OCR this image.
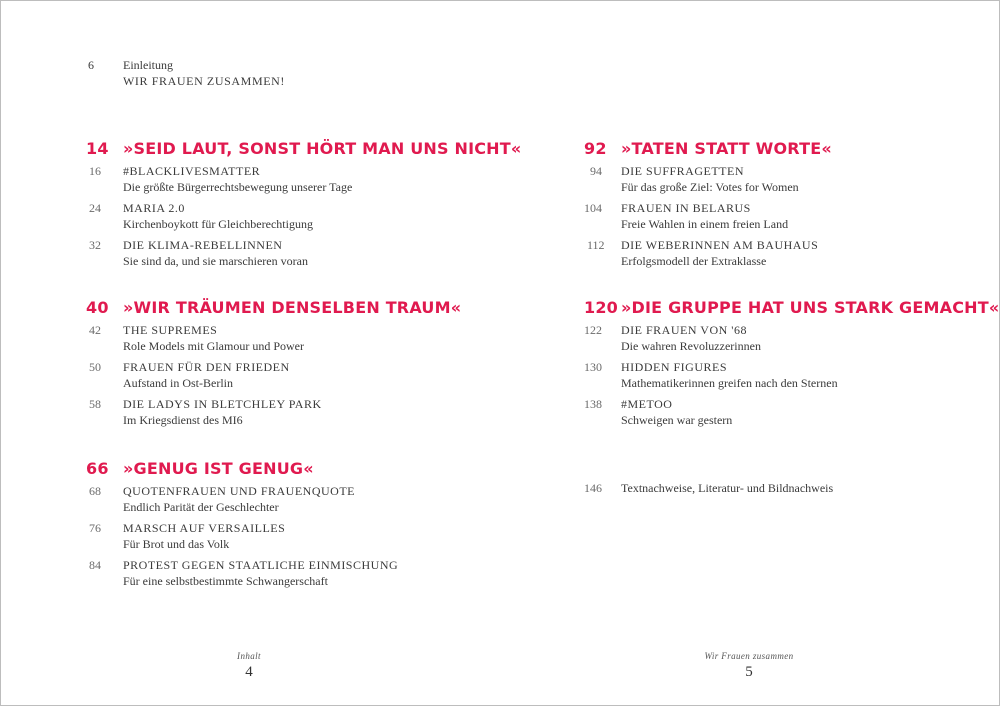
6	Einleitung
WIR FRAUEN ZUSAMMEN!
14 »SEID LAUT, SONST HÖRT MAN UNS NICHT«
16	#BLACKLIVESMATTER
Die größte Bürgerrechtsbewegung unserer Tage
24	MARIA 2.0
Kirchenboykott für Gleichberechtigung
32	DIE KLIMA-REBELLINNEN
Sie sind da, und sie marschieren voran
40 »WIR TRÄUMEN DENSELBEN TRAUM«
42	THE SUPREMES
Role Models mit Glamour und Power
50	FRAUEN FÜR DEN FRIEDEN
Aufstand in Ost-Berlin
58	DIE LADYS IN BLETCHLEY PARK
Im Kriegsdienst des MI6
66 »GENUG IST GENUG«
68	QUOTENFRAUEN UND FRAUENQUOTE
Endlich Parität der Geschlechter
76	MARSCH AUF VERSAILLES
Für Brot und das Volk
84	PROTEST GEGEN STAATLICHE EINMISCHUNG
Für eine selbstbestimmte Schwangerschaft
92 »TATEN STATT WORTE«
94	DIE SUFFRAGETTEN
Für das große Ziel: Votes for Women
104	FRAUEN IN BELARUS
Freie Wahlen in einem freien Land
112	DIE WEBERINNEN AM BAUHAUS
Erfolgsmodell der Extraklasse
120 »DIE GRUPPE HAT UNS STARK GEMACHT«
122	DIE FRAUEN VON '68
Die wahren Revoluzzerinnen
130	HIDDEN FIGURES
Mathematikerinnen greifen nach den Sternen
138	#METOO
Schweigen war gestern
146	Textnachweise, Literatur- und Bildnachweis
Inhalt
4
Wir Frauen zusammen
5
